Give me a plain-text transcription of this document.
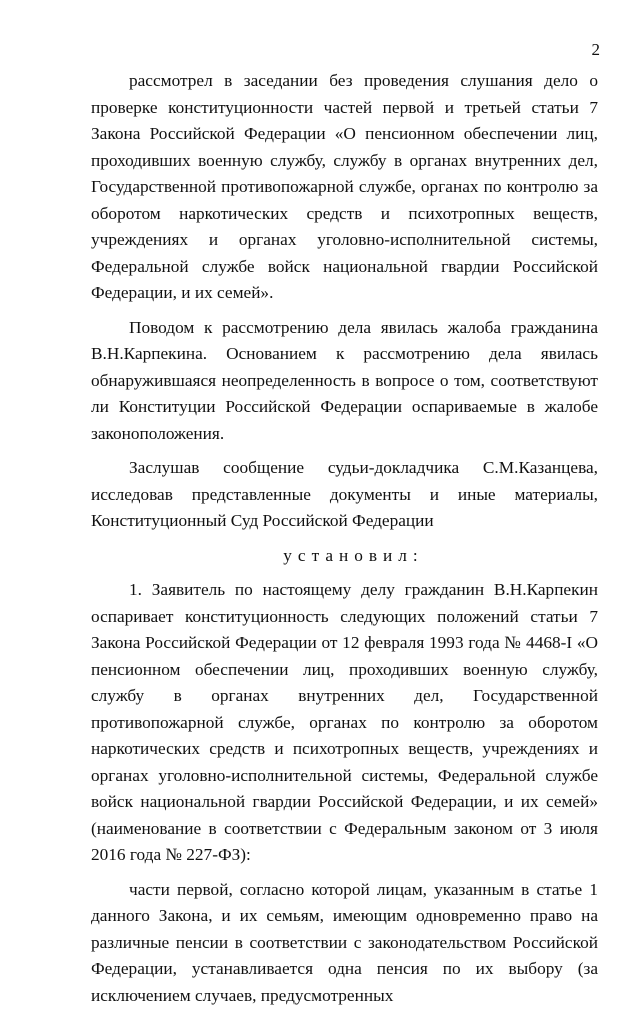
2

рассмотрел в заседании без проведения слушания дело о проверке конституционности частей первой и третьей статьи 7 Закона Российской Федерации «О пенсионном обеспечении лиц, проходивших военную службу, службу в органах внутренних дел, Государственной противопожарной службе, органах по контролю за оборотом наркотических средств и психотропных веществ, учреждениях и органах уголовно-исполнительной системы, Федеральной службе войск национальной гвардии Российской Федерации, и их семей».

Поводом к рассмотрению дела явилась жалоба гражданина В.Н.Карпекина. Основанием к рассмотрению дела явилась обнаружившаяся неопределенность в вопросе о том, соответствуют ли Конституции Российской Федерации оспариваемые в жалобе законоположения.

Заслушав сообщение судьи-докладчика С.М.Казанцева, исследовав представленные документы и иные материалы, Конституционный Суд Российской Федерации

установил:

1. Заявитель по настоящему делу гражданин В.Н.Карпекин оспаривает конституционность следующих положений статьи 7 Закона Российской Федерации от 12 февраля 1993 года № 4468-I «О пенсионном обеспечении лиц, проходивших военную службу, службу в органах внутренних дел, Государственной противопожарной службе, органах по контролю за оборотом наркотических средств и психотропных веществ, учреждениях и органах уголовно-исполнительной системы, Федеральной службе войск национальной гвардии Российской Федерации, и их семей» (наименование в соответствии с Федеральным законом от 3 июля 2016 года № 227-ФЗ):

части первой, согласно которой лицам, указанным в статье 1 данного Закона, и их семьям, имеющим одновременно право на различные пенсии в соответствии с законодательством Российской Федерации, устанавливается одна пенсия по их выбору (за исключением случаев, предусмотренных
